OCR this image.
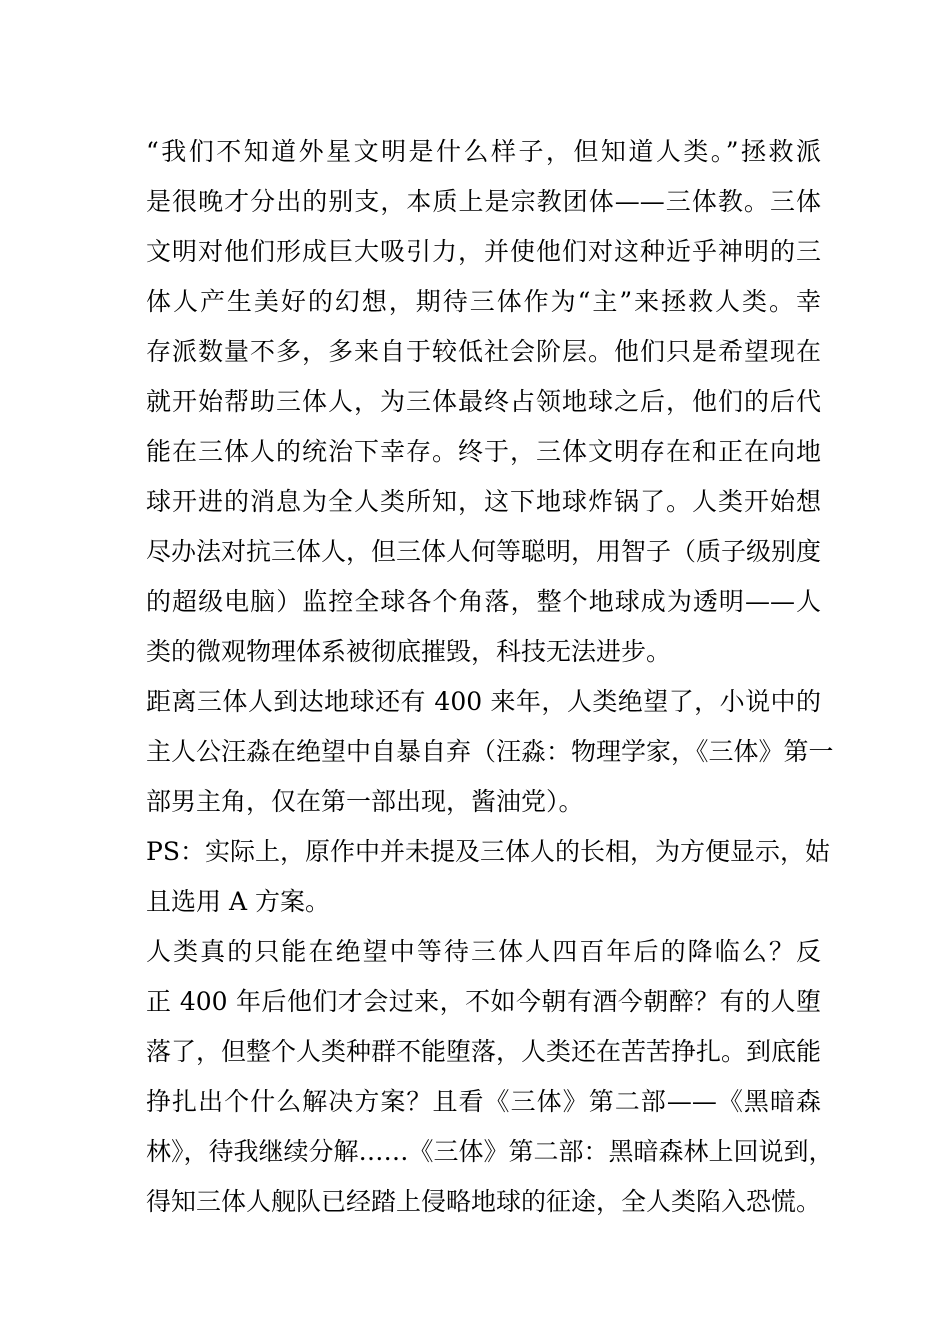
“我们不知道外星文明是什么样子，但知道人类。”拯救派
是很晚才分出的别支，本质上是宗教团体——三体教。三体
文明对他们形成巨大吸引力，并使他们对这种近乎神明的三
体人产生美好的幻想，期待三体作为“主”来拯救人类。幸
存派数量不多，多来自于较低社会阶层。他们只是希望现在
就开始帮助三体人，为三体最终占领地球之后，他们的后代
能在三体人的统治下幸存。终于，三体文明存在和正在向地
球开进的消息为全人类所知，这下地球炸锅了。人类开始想
尽办法对抗三体人，但三体人何等聪明，用智子（质子级别度
的超级电脑）监控全球各个角落，整个地球成为透明——人
类的微观物理体系被彻底摧毁，科技无法进步。
距离三体人到达地球还有 400 来年，人类绝望了，小说中的
主人公汪淼在绝望中自暴自弃（汪淼：物理学家，《三体》第一
部男主角，仅在第一部出现，酱油党）。
PS：实际上，原作中并未提及三体人的长相，为方便显示，姑
且选用 A 方案。
人类真的只能在绝望中等待三体人四百年后的降临么？反
正 400 年后他们才会过来，不如今朝有酒今朝醉？有的人堕
落了，但整个人类种群不能堕落，人类还在苦苦挣扎。到底能
挣扎出个什么解决方案？且看《三体》第二部——《黑暗森
林》，待我继续分解……《三体》第二部：黑暗森林上回说到，
得知三体人舰队已经踏上侵略地球的征途，全人类陷入恐慌。
